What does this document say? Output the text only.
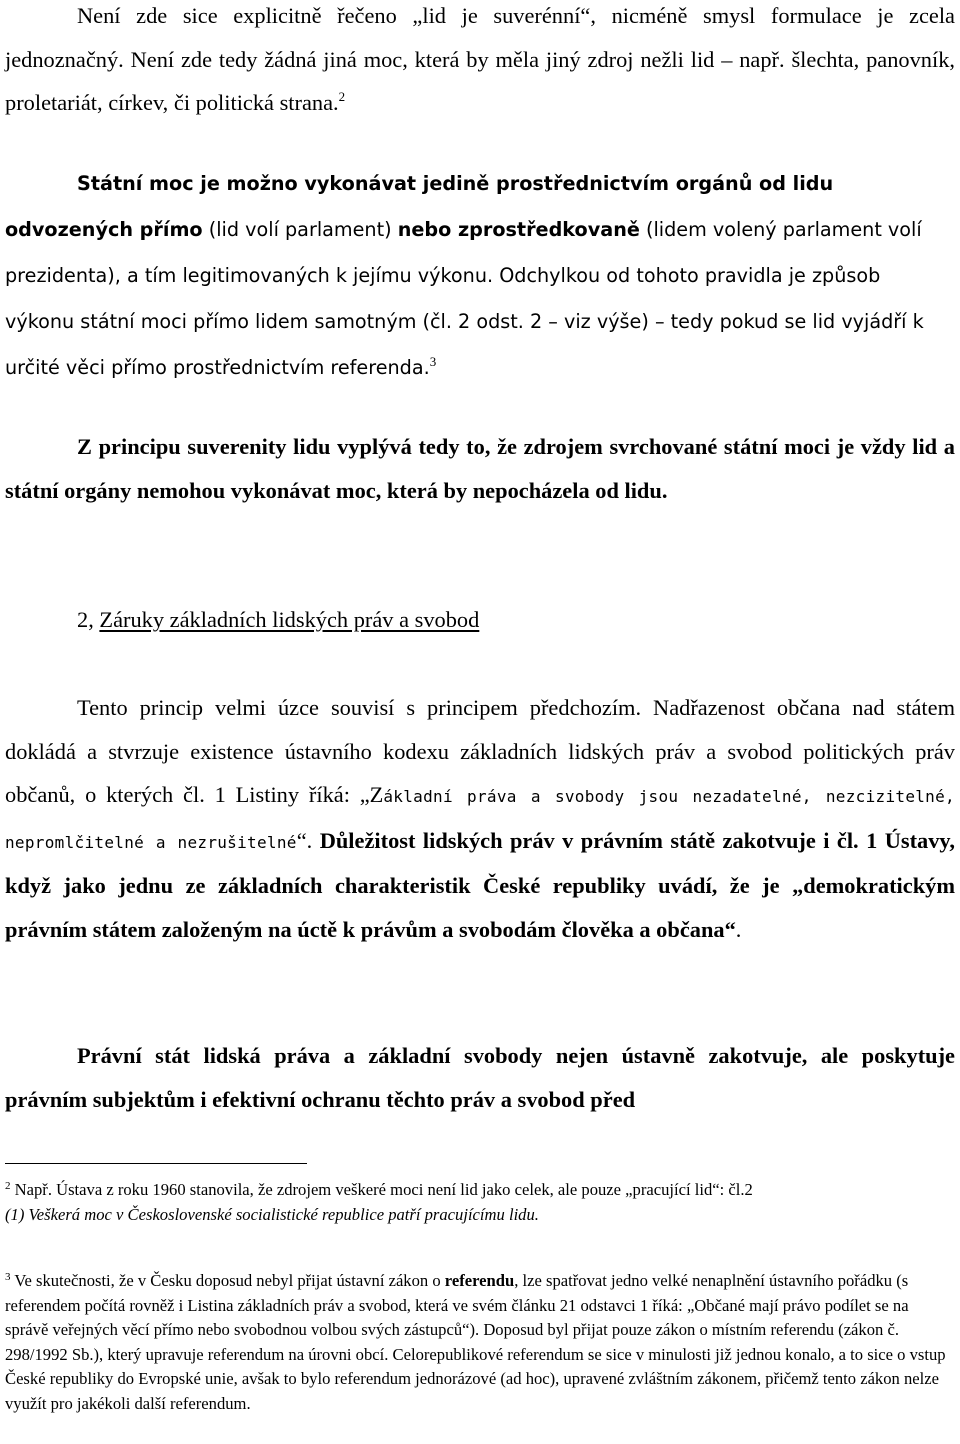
Není zde sice explicitně řečeno „lid je suverénní“, nicméně smysl formulace je zcela jednoznačný. Není zde tedy žádná jiná moc, která by měla jiný zdroj nežli lid – např. šlechta, panovník, proletariát, církev, či politická strana.$^2$

Státní moc je možno vykonávat jedině prostřednictvím orgánů od lidu odvozených přímo (lid volí parlament) nebo zprostředkovaně (lidem volený parlament volí prezidenta), a tím legitimovaných k jejímu výkonu. Odchylkou od tohoto pravidla je způsob výkonu státní moci přímo lidem samotným (čl. 2 odst. 2 – viz výše) – tedy pokud se lid vyjádří k určité věci přímo prostřednictvím referenda.$^3$

Z principu suverenity lidu vyplývá tedy to, že zdrojem svrchované státní moci je vždy lid a státní orgány nemohou vykonávat moc, která by nepocházela od lidu.

2, Záruky základních lidských práv a svobod

Tento princip velmi úzce souvisí s principem předchozím. Nadřazenost občana nad státem dokládá a stvrzuje existence ústavního kodexu základních lidských práv a svobod politických práv občanů, o kterých čl. 1 Listiny říká: „Základní práva a svobody jsou nezadatelné, nezcizitelné, nepromlčitelné a nezrušitelné“. Důležitost lidských práv v právním státě zakotvuje i čl. 1 Ústavy, když jako jednu ze základních charakteristik České republiky uvádí, že je „demokratickým právním státem založeným na úctě k právům a svobodám člověka a občana“.

Právní stát lidská práva a základní svobody nejen ústavně zakotvuje, ale poskytuje právním subjektům i efektivní ochranu těchto práv a svobod před

$^2$ Např. Ústava z roku 1960 stanovila, že zdrojem veškeré moci není lid jako celek, ale pouze „pracující lid“: čl.2
(1) Veškerá moc v Československé socialistické republice patří pracujícímu lidu.
$^3$ Ve skutečnosti, že v Česku doposud nebyl přijat ústavní zákon o referendu, lze spatřovat jedno velké nenaplnění ústavního pořádku (s referendem počítá rovněž i Listina základních práv a svobod, která ve svém článku 21 odstavci 1 říká: „Občané mají právo podílet se na správě veřejných věcí přímo nebo svobodnou volbou svých zástupců“). Doposud byl přijat pouze zákon o místním referendu (zákon č. 298/1992 Sb.), který upravuje referendum na úrovni obcí. Celorepublikové referendum se sice v minulosti již jednou konalo, a to sice o vstup České republiky do Evropské unie, avšak to bylo referendum jednorázové (ad hoc), upravené zvláštním zákonem, přičemž tento zákon nelze využít pro jakékoli další referendum.
